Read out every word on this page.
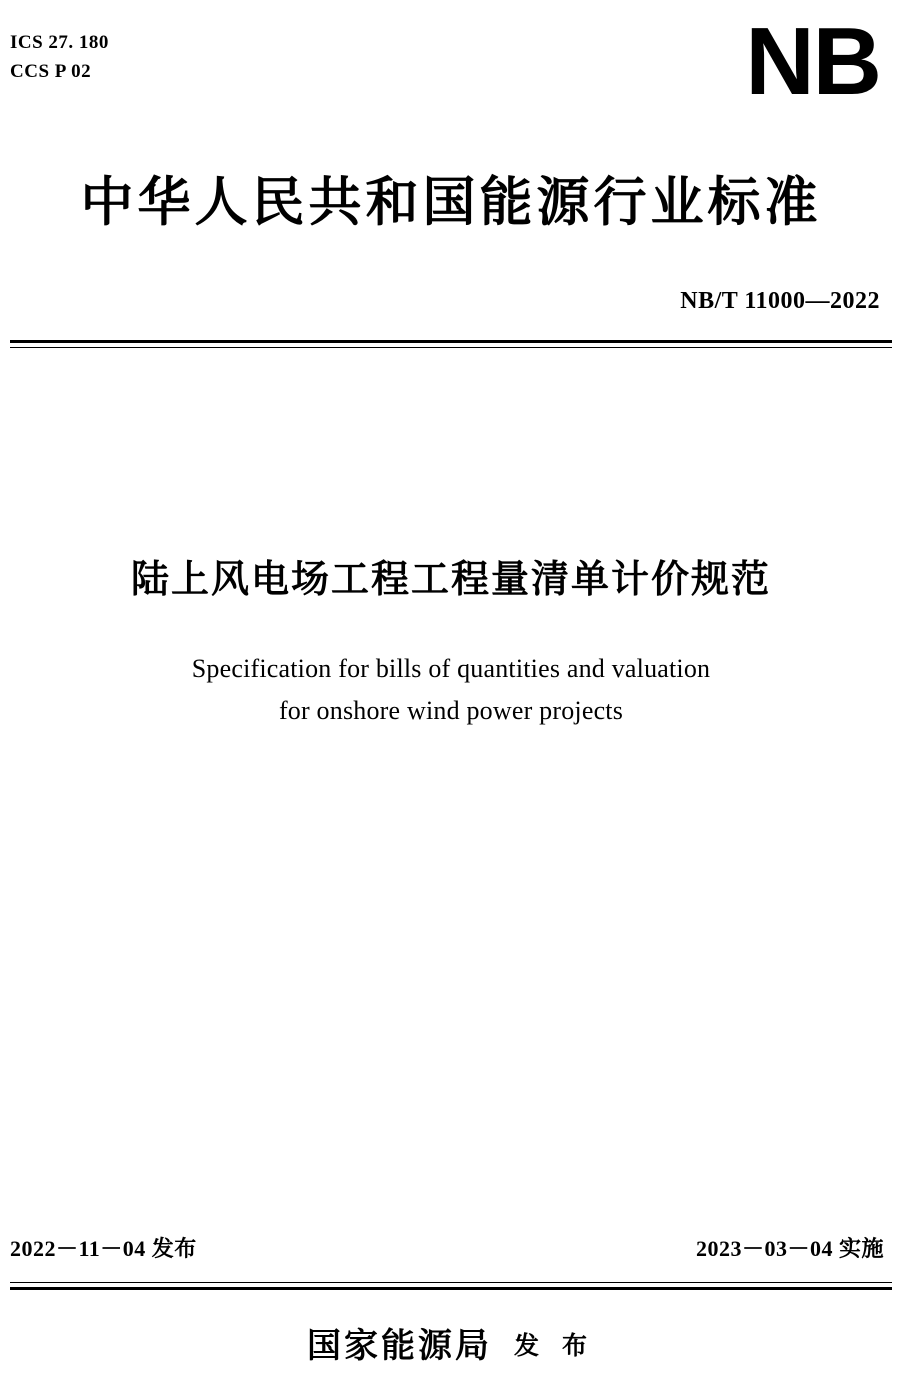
ICS 27. 180
CCS P 02	NB
中华人民共和国能源行业标准
NB/T 11000—2022
陆上风电场工程工程量清单计价规范
Specification for bills of quantities and valuation
for onshore wind power projects
2022－11－04 发布	2023－03－04 实施
国家能源局 发 布
